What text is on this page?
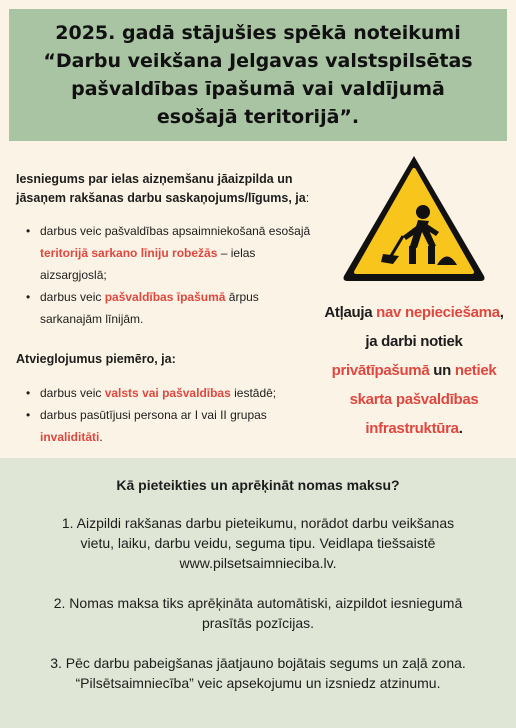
2025. gadā stājušies spēkā noteikumi
“Darbu veikšana Jelgavas valstspilsētas
pašvaldības īpašumā vai valdījumā
esošajā teritorijā”.

Iesniegums par ielas aizņemšanu jāaizpilda un jāsaņem rakšanas darbu saskaņojums/līgums, ja:

• darbus veic pašvaldības apsaimniekošanā esošajā teritorijā sarkano līniju robežās – ielas aizsargjoslā;
• darbus veic pašvaldības īpašumā ārpus sarkanajām līnijām.
Atvieglojumus piemēro, ja:
• darbus veic valsts vai pašvaldības iestādē;
• darbus pasūtījusi persona ar I vai II grupas invaliditāti.
Atļauja nav nepieciešama,
ja darbi notiek
privātīpašumā un netiek
skarta pašvaldības
infrastruktūra.
Kā pieteikties un aprēķināt nomas maksu?
1. Aizpildi rakšanas darbu pieteikumu, norādot darbu veikšanas
vietu, laiku, darbu veidu, seguma tipu. Veidlapa tiešsaistē
www.pilsetsaimnieciba.lv.
2. Nomas maksa tiks aprēķināta automātiski, aizpildot iesniegumā
prasītās pozīcijas.
3. Pēc darbu pabeigšanas jāatjauno bojātais segums un zaļā zona.
“Pilsētsaimniecība” veic apsekojumu un izsniedz atzinumu.
